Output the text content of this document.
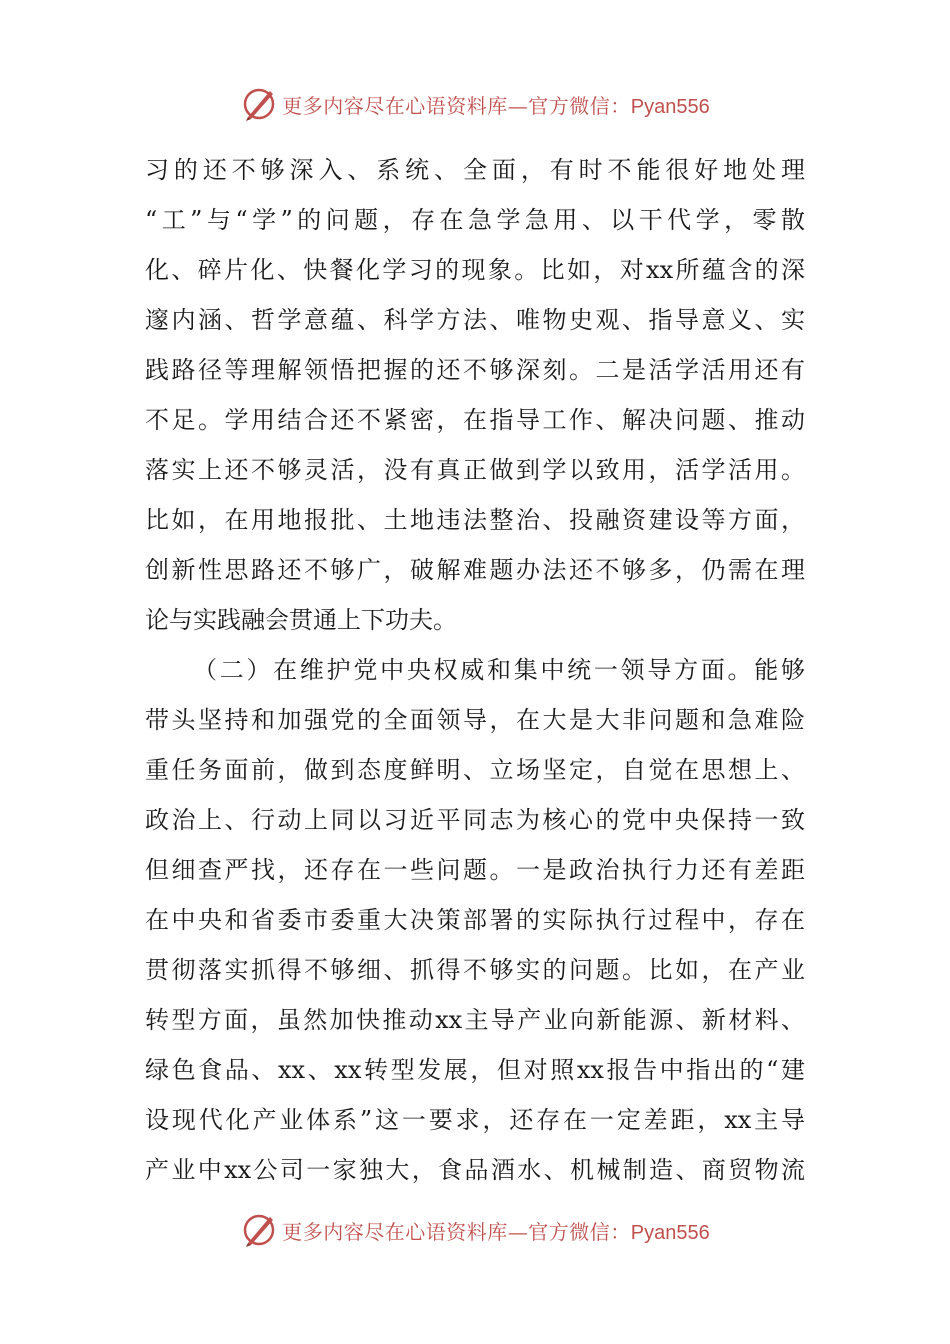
更多内容尽在心语资料库—官方微信：Pyan556
习的还不够深入、系统、全面，有时不能很好地处理
“工”与“学”的问题，存在急学急用、以干代学，零散
化、碎片化、快餐化学习的现象。比如，对xx所蕴含的深
邃内涵、哲学意蕴、科学方法、唯物史观、指导意义、实
践路径等理解领悟把握的还不够深刻。二是活学活用还有
不足。学用结合还不紧密，在指导工作、解决问题、推动
落实上还不够灵活，没有真正做到学以致用，活学活用。
比如，在用地报批、土地违法整治、投融资建设等方面，
创新性思路还不够广，破解难题办法还不够多，仍需在理
论与实践融会贯通上下功夫。
（二）在维护党中央权威和集中统一领导方面。能够
带头坚持和加强党的全面领导，在大是大非问题和急难险
重任务面前，做到态度鲜明、立场坚定，自觉在思想上、
政治上、行动上同以习近平同志为核心的党中央保持一致
但细查严找，还存在一些问题。一是政治执行力还有差距
在中央和省委市委重大决策部署的实际执行过程中，存在
贯彻落实抓得不够细、抓得不够实的问题。比如，在产业
转型方面，虽然加快推动xx主导产业向新能源、新材料、
绿色食品、xx、xx转型发展，但对照xx报告中指出的“建
设现代化产业体系”这一要求，还存在一定差距，xx主导
产业中xx公司一家独大，食品酒水、机械制造、商贸物流
更多内容尽在心语资料库—官方微信：Pyan556
